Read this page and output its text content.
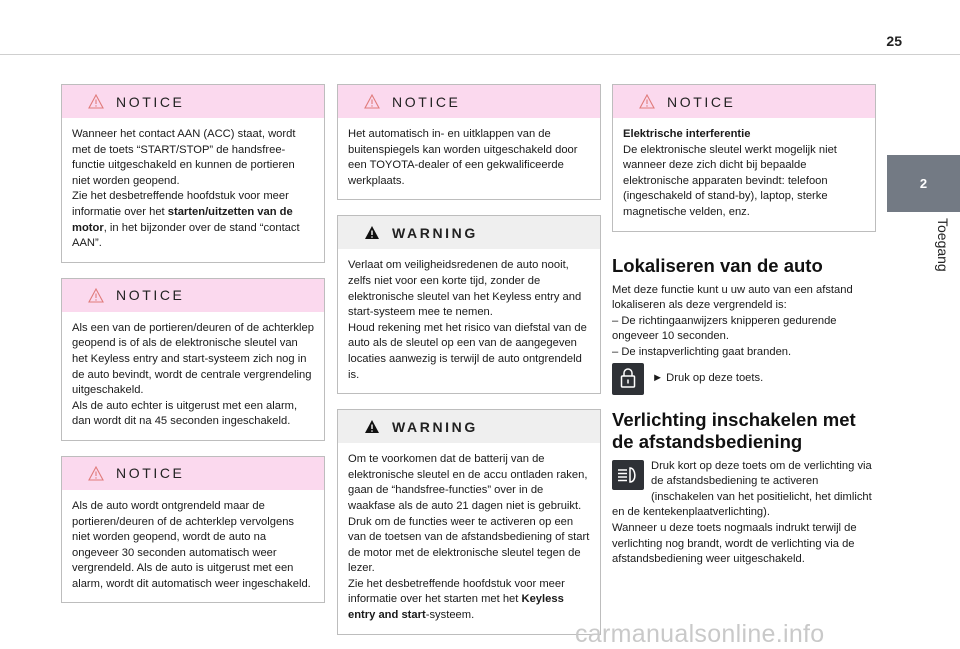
25
2
Toegang
NOTICE

Wanneer het contact AAN (ACC) staat, wordt met de toets “START/STOP” de handsfree-functie uitgeschakeld en kunnen de portieren niet worden geopend.

Zie het desbetreffende hoofdstuk voor meer informatie over het starten/uitzetten van de motor, in het bijzonder over de stand “contact AAN”.

NOTICE

Als een van de portieren/deuren of de achterklep geopend is of als de elektronische sleutel van het Keyless entry and start-systeem zich nog in de auto bevindt, wordt de centrale vergrendeling uitgeschakeld.

Als de auto echter is uitgerust met een alarm, dan wordt dit na 45 seconden ingeschakeld.

NOTICE

Als de auto wordt ontgrendeld maar de portieren/deuren of de achterklep vervolgens niet worden geopend, wordt de auto na ongeveer 30 seconden automatisch weer vergrendeld. Als de auto is uitgerust met een alarm, wordt dit automatisch weer ingeschakeld.

NOTICE

Het automatisch in- en uitklappen van de buitenspiegels kan worden uitgeschakeld door een TOYOTA-dealer of een gekwalificeerde werkplaats.

WARNING

Verlaat om veiligheidsredenen de auto nooit, zelfs niet voor een korte tijd, zonder de elektronische sleutel van het Keyless entry and start-systeem mee te nemen.

Houd rekening met het risico van diefstal van de auto als de sleutel op een van de aangegeven locaties aanwezig is terwijl de auto ontgrendeld is.

WARNING

Om te voorkomen dat de batterij van de elektronische sleutel en de accu ontladen raken, gaan de “handsfree-functies” over in de waakfase als de auto 21 dagen niet is gebruikt.

Druk om de functies weer te activeren op een van de toetsen van de afstandsbediening of start de motor met de elektronische sleutel tegen de lezer.

Zie het desbetreffende hoofdstuk voor meer informatie over het starten met het Keyless entry and start-systeem.

NOTICE

Elektrische interferentie

De elektronische sleutel werkt mogelijk niet wanneer deze zich dicht bij bepaalde elektronische apparaten bevindt: telefoon (ingeschakeld of stand-by), laptop, sterke magnetische velden, enz.

Lokaliseren van de auto

Met deze functie kunt u uw auto van een afstand lokaliseren als deze vergrendeld is:

– De richtingaanwijzers knipperen gedurende ongeveer 10 seconden.

– De instapverlichting gaat branden.

► Druk op deze toets.
Verlichting inschakelen met de afstandsbediening

Druk kort op deze toets om de verlichting via de afstandsbediening te activeren (inschakelen van het positielicht, het dimlicht en de kentekenplaatverlichting).

Wanneer u deze toets nogmaals indrukt terwijl de verlichting nog brandt, wordt de verlichting via de afstandsbediening weer uitgeschakeld.

carmanualsonline.info
